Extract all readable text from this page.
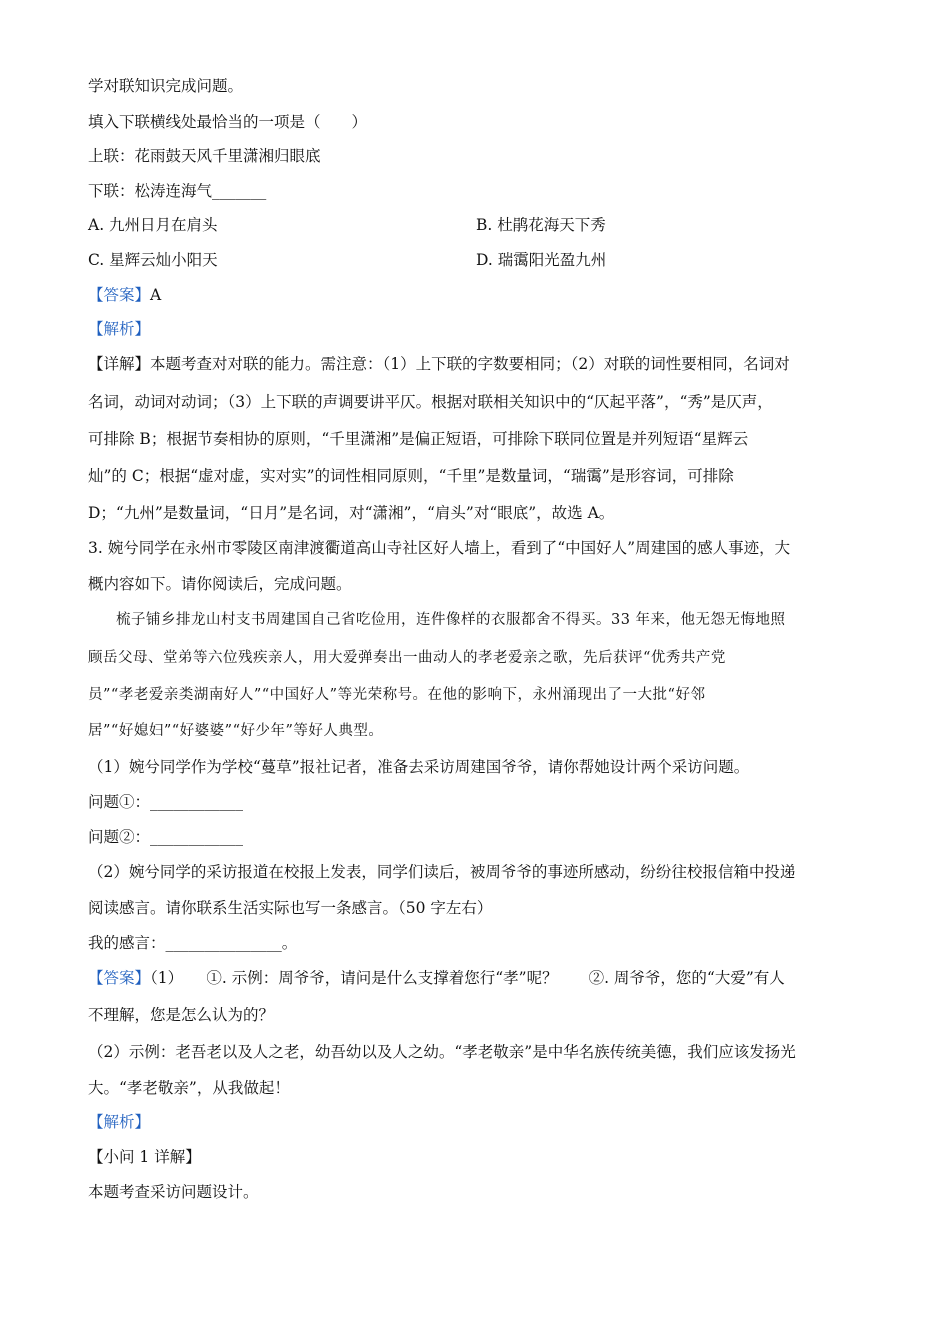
学对联知识完成问题。
填入下联横线处最恰当的一项是（　　）
上联：花雨鼓天风千里潇湘归眼底
下联：松涛连海气_______
A. 九州日月在肩头	B. 杜鹃花海天下秀
C. 星辉云灿小阳天	D. 瑞霭阳光盈九州
【答案】A
【解析】
【详解】本题考查对对联的能力。需注意：（1）上下联的字数要相同；（2）对联的词性要相同，名词对
名词，动词对动词；（3）上下联的声调要讲平仄。根据对联相关知识中的“仄起平落”，“秀”是仄声，
可排除 B；根据节奏相协的原则，“千里潇湘”是偏正短语，可排除下联同位置是并列短语“星辉云
灿”的 C；根据“虚对虚，实对实”的词性相同原则，“千里”是数量词，“瑞霭”是形容词，可排除
D；“九州”是数量词，“日月”是名词，对“潇湘”，“肩头”对“眼底”，故选 A。
3. 婉兮同学在永州市零陵区南津渡衢道高山寺社区好人墙上，看到了“中国好人”周建国的感人事迹，大
概内容如下。请你阅读后，完成问题。
梳子铺乡排龙山村支书周建国自己省吃俭用，连件像样的衣服都舍不得买。33 年来，他无怨无悔地照
顾岳父母、堂弟等六位残疾亲人，用大爱弹奏出一曲动人的孝老爱亲之歌，先后获评“优秀共产党
员”“孝老爱亲类湖南好人”“中国好人”等光荣称号。在他的影响下，永州涌现出了一大批“好邻
居”“好媳妇”“好婆婆”“好少年”等好人典型。
（1）婉兮同学作为学校“蔓草”报社记者，准备去采访周建国爷爷，请你帮她设计两个采访问题。
问题①：____________
问题②：____________
（2）婉兮同学的采访报道在校报上发表，同学们读后，被周爷爷的事迹所感动，纷纷往校报信箱中投递
阅读感言。请你联系生活实际也写一条感言。（50 字左右）
我的感言：_______________。
【答案】（1）　　①. 示例：周爷爷，请问是什么支撑着您行“孝”呢？　　②. 周爷爷，您的“大爱”有人
不理解，您是怎么认为的？
（2）示例：老吾老以及人之老，幼吾幼以及人之幼。“孝老敬亲”是中华名族传统美德，我们应该发扬光
大。“孝老敬亲”，从我做起！
【解析】
【小问 1 详解】
本题考查采访问题设计。
